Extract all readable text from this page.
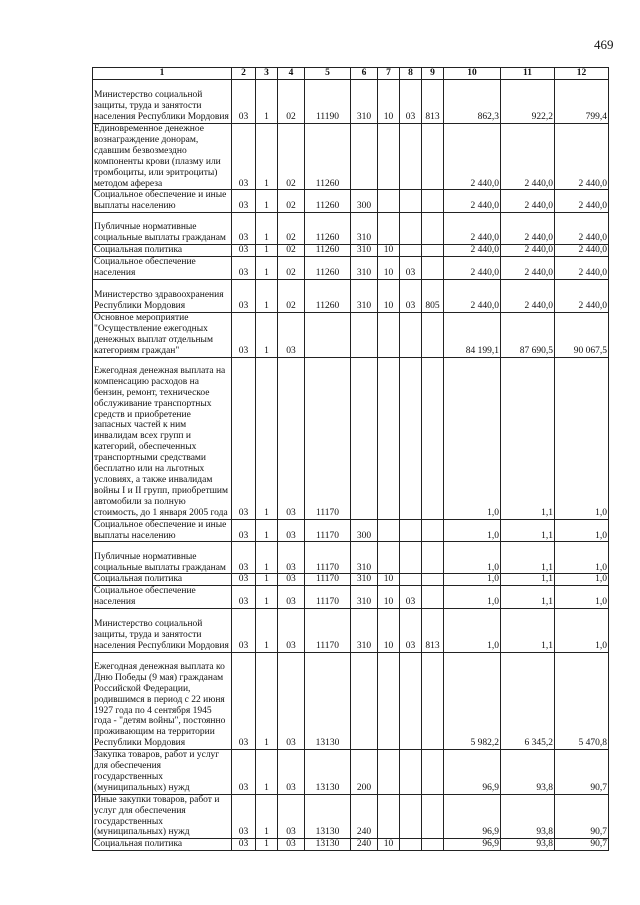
469
1	2	3	4	5	6	7	8	9	10	11	12
Министерство социальной защиты, труда и занятости населения Республики Мордовия	03	1	02	11190	310	10	03	813	862,3	922,2	799,4
Единовременное денежное вознаграждение донорам, сдавшим безвозмездно компоненты крови (плазму или тромбоциты, или эритроциты) методом афереза	03	1	02	11260					2 440,0	2 440,0	2 440,0
Социальное обеспечение и иные выплаты населению	03	1	02	11260	300				2 440,0	2 440,0	2 440,0
Публичные нормативные социальные выплаты гражданам	03	1	02	11260	310				2 440,0	2 440,0	2 440,0
Социальная политика	03	1	02	11260	310	10			2 440,0	2 440,0	2 440,0
Социальное обеспечение населения	03	1	02	11260	310	10	03		2 440,0	2 440,0	2 440,0
Министерство здравоохранения Республики Мордовия	03	1	02	11260	310	10	03	805	2 440,0	2 440,0	2 440,0
Основное мероприятие "Осуществление ежегодных денежных выплат отдельным категориям граждан"	03	1	03						84 199,1	87 690,5	90 067,5
Ежегодная денежная выплата на компенсацию расходов на бензин, ремонт, техническое обслуживание транспортных средств и приобретение запасных частей к ним инвалидам всех групп и категорий, обеспеченных транспортными средствами бесплатно или на льготных условиях, а также инвалидам войны I и II групп, приобретшим автомобили за полную стоимость, до 1 января 2005 года	03	1	03	11170					1,0	1,1	1,0
Социальное обеспечение и иные выплаты населению	03	1	03	11170	300				1,0	1,1	1,0
Публичные нормативные социальные выплаты гражданам	03	1	03	11170	310				1,0	1,1	1,0
Социальная политика	03	1	03	11170	310	10			1,0	1,1	1,0
Социальное обеспечение населения	03	1	03	11170	310	10	03		1,0	1,1	1,0
Министерство социальной защиты, труда и занятости населения Республики Мордовия	03	1	03	11170	310	10	03	813	1,0	1,1	1,0
Ежегодная денежная выплата ко Дню Победы (9 мая) гражданам Российской Федерации, родившимся в период с 22 июня 1927 года по 4 сентября 1945 года - "детям войны", постоянно проживающим на территории Республики Мордовия	03	1	03	13130					5 982,2	6 345,2	5 470,8
Закупка товаров, работ и услуг для обеспечения государственных (муниципальных) нужд	03	1	03	13130	200				96,9	93,8	90,7
Иные закупки товаров, работ и услуг для обеспечения государственных (муниципальных) нужд	03	1	03	13130	240				96,9	93,8	90,7
Социальная политика	03	1	03	13130	240	10			96,9	93,8	90,7
